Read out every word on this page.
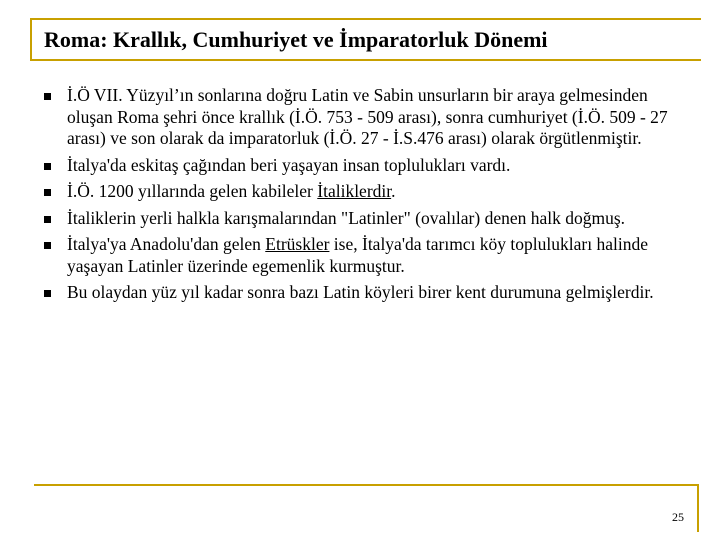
Roma: Krallık, Cumhuriyet ve İmparatorluk Dönemi
İ.Ö VII. Yüzyıl’ın sonlarına doğru Latin ve Sabin unsurların bir araya gelmesinden oluşan Roma şehri önce krallık (İ.Ö. 753 - 509 arası), sonra cumhuriyet (İ.Ö. 509 - 27 arası) ve son olarak da imparatorluk (İ.Ö. 27 - İ.S.476 arası) olarak örgütlenmiştir.
İtalya'da eskitaş çağından beri yaşayan insan toplulukları vardı.
İ.Ö. 1200 yıllarında gelen kabileler İtaliklerdir.
İtaliklerin yerli halkla karışmalarından "Latinler" (ovalılar) denen halk doğmuş.
İtalya'ya Anadolu'dan gelen Etrüskler ise, İtalya'da tarımcı köy toplulukları halinde yaşayan Latinler üzerinde egemenlik kurmuştur.
Bu olaydan yüz yıl kadar sonra bazı Latin köyleri birer kent durumuna gelmişlerdir.
25
